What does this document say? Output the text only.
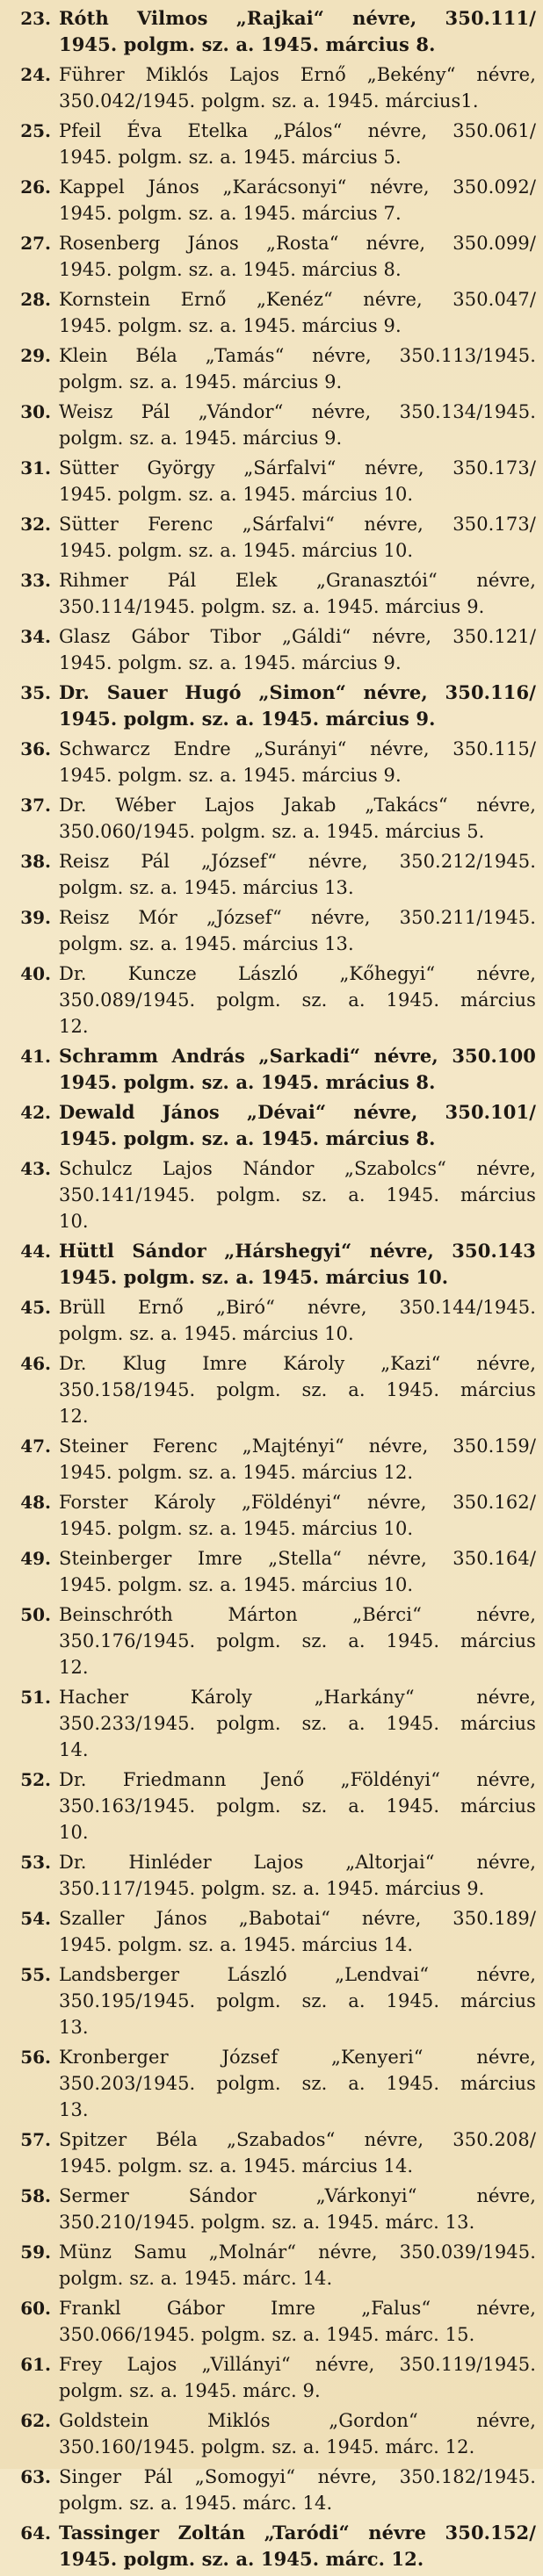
23. Róth Vilmos „Rajkai“ névre, 350.111/
1945. polgm. sz. a. 1945. március 8.
24. Führer Miklós Lajos Ernő „Bekény“ névre,
350.042/1945. polgm. sz. a. 1945. március1.
25. Pfeil Éva Etelka „Pálos“ névre, 350.061/
1945. polgm. sz. a. 1945. március 5.
26. Kappel János „Karácsonyi“ névre, 350.092/
1945. polgm. sz. a. 1945. március 7.
27. Rosenberg János „Rosta“ névre, 350.099/
1945. polgm. sz. a. 1945. március 8.
28. Kornstein Ernő „Kenéz“ névre, 350.047/
1945. polgm. sz. a. 1945. március 9.
29. Klein Béla „Tamás“ névre, 350.113/1945.
polgm. sz. a. 1945. március 9.
30. Weisz Pál „Vándor“ névre, 350.134/1945.
polgm. sz. a. 1945. március 9.
31. Sütter György „Sárfalvi“ névre, 350.173/
1945. polgm. sz. a. 1945. március 10.
32. Sütter Ferenc „Sárfalvi“ névre, 350.173/
1945. polgm. sz. a. 1945. március 10.
33. Rihmer Pál Elek „Granasztói“ névre,
350.114/1945. polgm. sz. a. 1945. március 9.
34. Glasz Gábor Tibor „Gáldi“ névre, 350.121/
1945. polgm. sz. a. 1945. március 9.
35. Dr. Sauer Hugó „Simon“ névre, 350.116/
1945. polgm. sz. a. 1945. március 9.
36. Schwarcz Endre „Surányi“ névre, 350.115/
1945. polgm. sz. a. 1945. március 9.
37. Dr. Wéber Lajos Jakab „Takács“ névre,
350.060/1945. polgm. sz. a. 1945. március 5.
38. Reisz Pál „József“ névre, 350.212/1945.
polgm. sz. a. 1945. március 13.
39. Reisz Mór „József“ névre, 350.211/1945.
polgm. sz. a. 1945. március 13.
40. Dr. Kuncze László „Kőhegyi“ névre,
350.089/1945. polgm. sz. a. 1945. március
12.
41. Schramm András „Sarkadi“ névre, 350.100
1945. polgm. sz. a. 1945. mrácius 8.
42. Dewald János „Dévai“ névre, 350.101/
1945. polgm. sz. a. 1945. március 8.
43. Schulcz Lajos Nándor „Szabolcs“ névre,
350.141/1945. polgm. sz. a. 1945. március
10.
44. Hüttl Sándor „Hárshegyi“ névre, 350.143
1945. polgm. sz. a. 1945. március 10.
45. Brüll Ernő „Biró“ névre, 350.144/1945.
polgm. sz. a. 1945. március 10.
46. Dr. Klug Imre Károly „Kazi“ névre,
350.158/1945. polgm. sz. a. 1945. március
12.
47. Steiner Ferenc „Majtényi“ névre, 350.159/
1945. polgm. sz. a. 1945. március 12.
48. Forster Károly „Földényi“ névre, 350.162/
1945. polgm. sz. a. 1945. március 10.
49. Steinberger Imre „Stella“ névre, 350.164/
1945. polgm. sz. a. 1945. március 10.
50. Beinschróth Márton „Bérci“ névre,
350.176/1945. polgm. sz. a. 1945. március
12.
51. Hacher Károly „Harkány“ névre,
350.233/1945. polgm. sz. a. 1945. március
14.
52. Dr. Friedmann Jenő „Földényi“ névre,
350.163/1945. polgm. sz. a. 1945. március
10.
53. Dr. Hinléder Lajos „Altorjai“ névre,
350.117/1945. polgm. sz. a. 1945. március 9.
54. Szaller János „Babotai“ névre, 350.189/
1945. polgm. sz. a. 1945. március 14.
55. Landsberger László „Lendvai“ névre,
350.195/1945. polgm. sz. a. 1945. március
13.
56. Kronberger József „Kenyeri“ névre,
350.203/1945. polgm. sz. a. 1945. március
13.
57. Spitzer Béla „Szabados“ névre, 350.208/
1945. polgm. sz. a. 1945. március 14.
58. Sermer Sándor „Várkonyi“ névre,
350.210/1945. polgm. sz. a. 1945. márc. 13.
59. Münz Samu „Molnár“ névre, 350.039/1945.
polgm. sz. a. 1945. márc. 14.
60. Frankl Gábor Imre „Falus“ névre,
350.066/1945. polgm. sz. a. 1945. márc. 15.
61. Frey Lajos „Villányi“ névre, 350.119/1945.
polgm. sz. a. 1945. márc. 9.
62. Goldstein Miklós „Gordon“ névre,
350.160/1945. polgm. sz. a. 1945. márc. 12.
63. Singer Pál „Somogyi“ névre, 350.182/1945.
polgm. sz. a. 1945. márc. 14.
64. Tassinger Zoltán „Taródi“ névre 350.152/
1945. polgm. sz. a. 1945. márc. 12.
